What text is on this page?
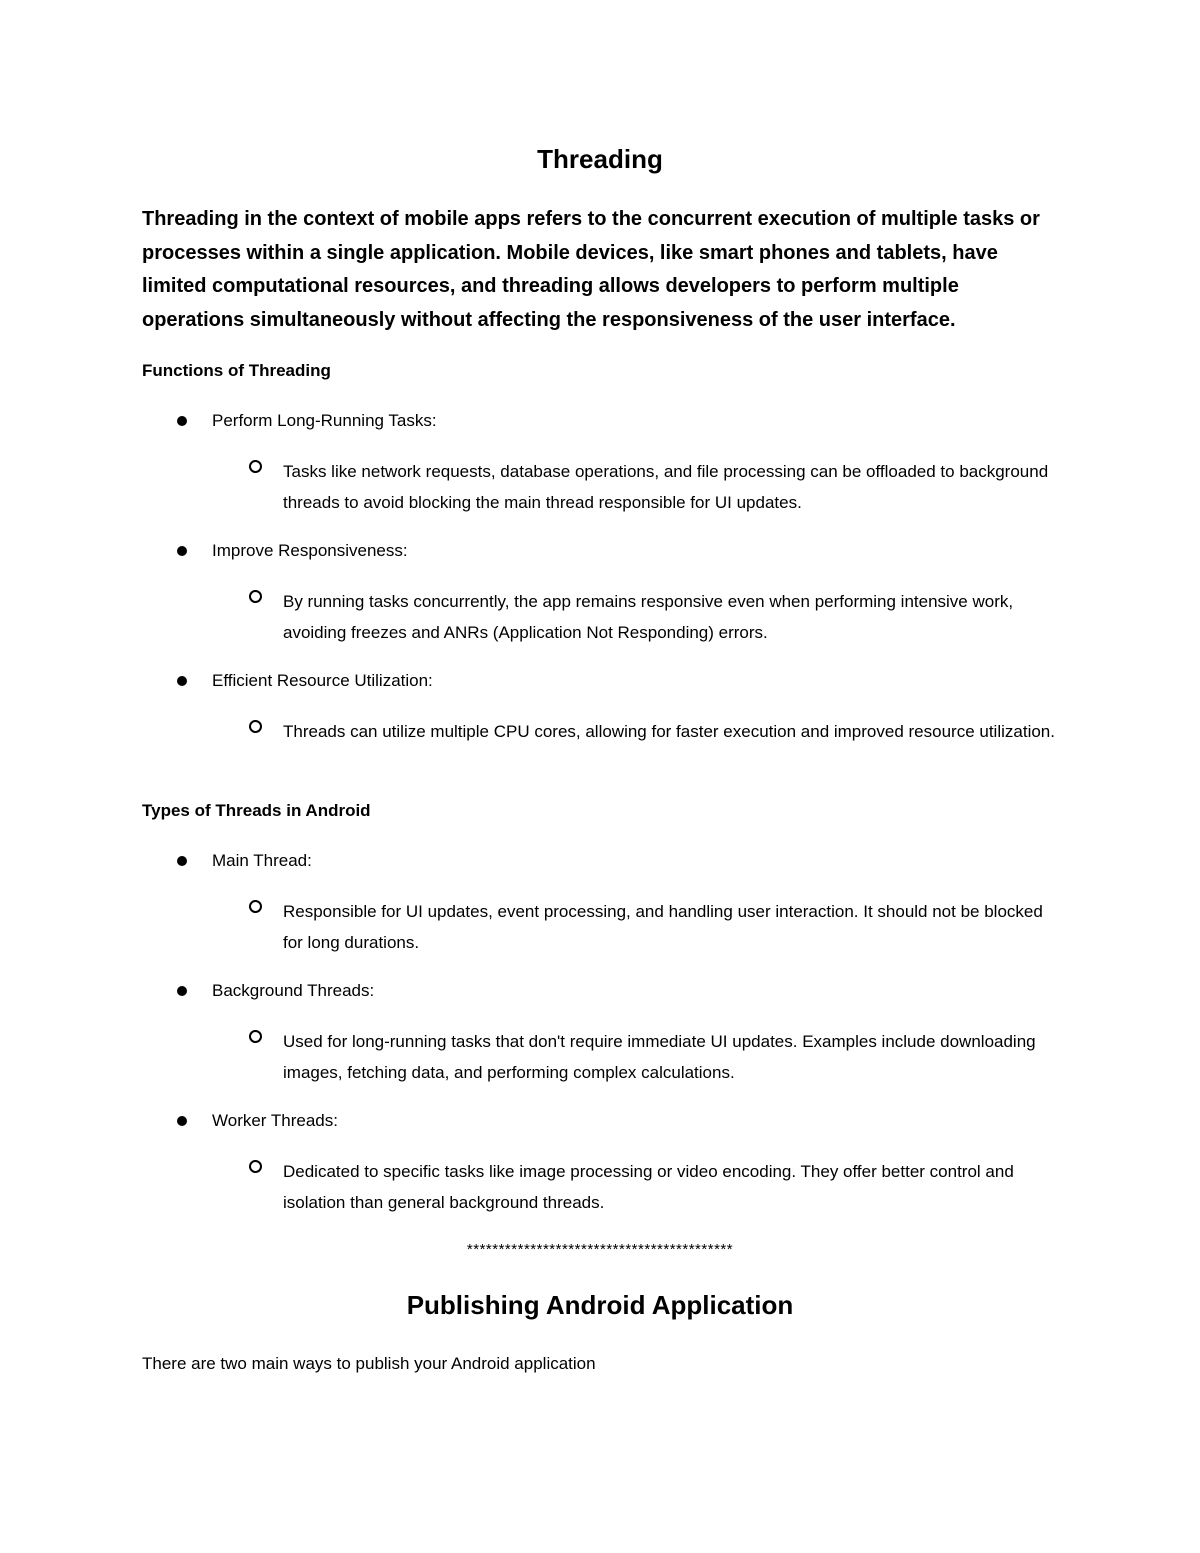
Threading

Threading in the context of mobile apps refers to the concurrent execution of multiple tasks or processes within a single application. Mobile devices, like smart phones and tablets, have limited computational resources, and threading allows developers to perform multiple operations simultaneously without affecting the responsiveness of the user interface.

Functions of Threading
Perform Long-Running Tasks:

Tasks like network requests, database operations, and file processing can be offloaded to background threads to avoid blocking the main thread responsible for UI updates.

Improve Responsiveness:

By running tasks concurrently, the app remains responsive even when performing intensive work, avoiding freezes and ANRs (Application Not Responding) errors.

Efficient Resource Utilization:

Threads can utilize multiple CPU cores, allowing for faster execution and improved resource utilization.

Types of Threads in Android
Main Thread:

Responsible for UI updates, event processing, and handling user interaction. It should not be blocked for long durations.

Background Threads:

Used for long-running tasks that don't require immediate UI updates. Examples include downloading images, fetching data, and performing complex calculations.

Worker Threads:

Dedicated to specific tasks like image processing or video encoding. They offer better control and isolation than general background threads.

******************************************

Publishing Android Application

There are two main ways to publish your Android application
